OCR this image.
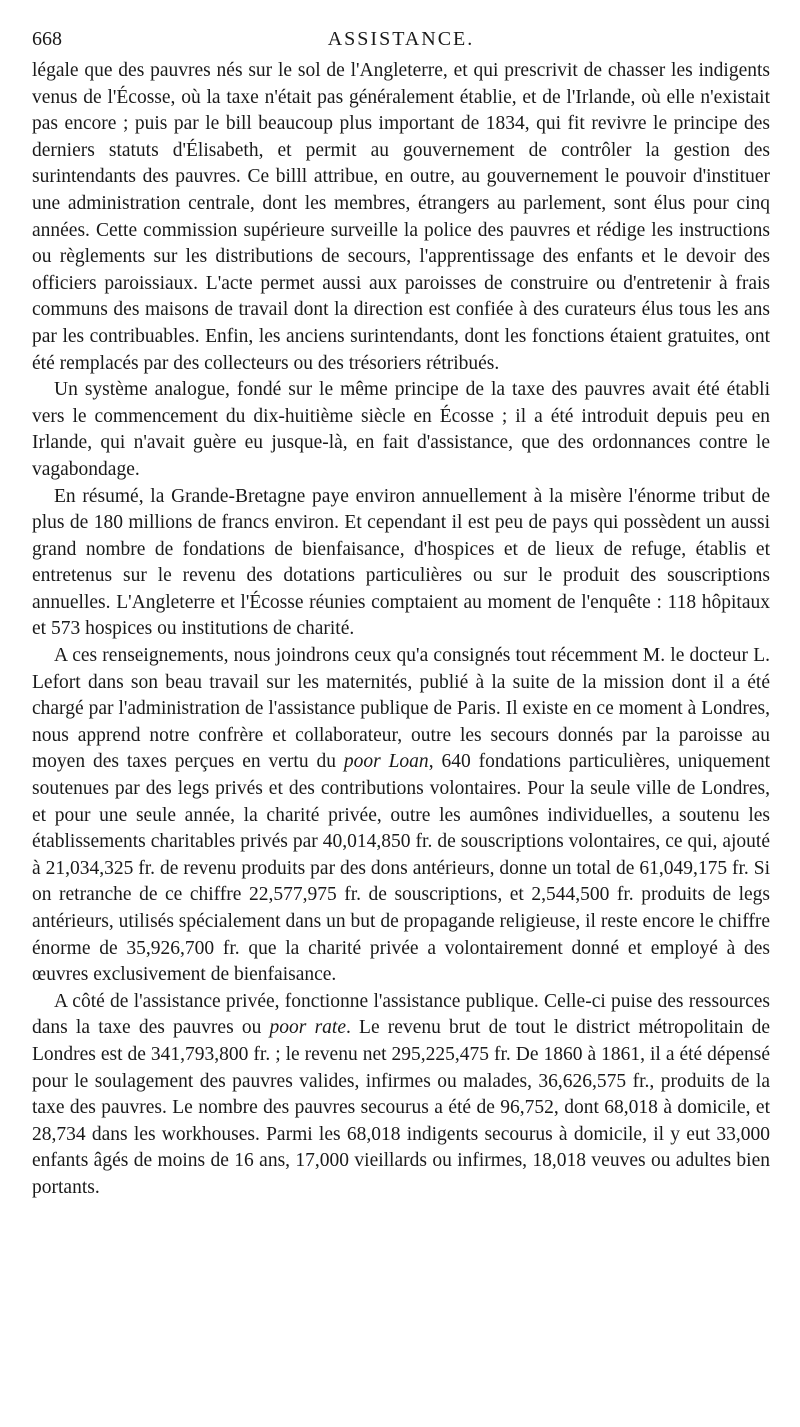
668	ASSISTANCE.

légale que des pauvres nés sur le sol de l'Angleterre, et qui prescrivit de chasser les indigents venus de l'Écosse, où la taxe n'était pas généralement établie, et de l'Irlande, où elle n'existait pas encore ; puis par le bill beaucoup plus important de 1834, qui fit revivre le principe des derniers statuts d'Élisabeth, et permit au gouvernement de contrôler la gestion des surintendants des pauvres. Ce billl attribue, en outre, au gouvernement le pouvoir d'instituer une administration centrale, dont les membres, étrangers au parlement, sont élus pour cinq années. Cette commission supérieure surveille la police des pauvres et rédige les instructions ou règlements sur les distributions de secours, l'apprentissage des enfants et le devoir des officiers paroissiaux. L'acte permet aussi aux paroisses de construire ou d'entretenir à frais communs des maisons de travail dont la direction est confiée à des curateurs élus tous les ans par les contribuables. Enfin, les anciens surintendants, dont les fonctions étaient gratuites, ont été remplacés par des collecteurs ou des trésoriers rétribués.

Un système analogue, fondé sur le même principe de la taxe des pauvres avait été établi vers le commencement du dix-huitième siècle en Écosse ; il a été introduit depuis peu en Irlande, qui n'avait guère eu jusque-là, en fait d'assistance, que des ordonnances contre le vagabondage.

En résumé, la Grande-Bretagne paye environ annuellement à la misère l'énorme tribut de plus de 180 millions de francs environ. Et cependant il est peu de pays qui possèdent un aussi grand nombre de fondations de bienfaisance, d'hospices et de lieux de refuge, établis et entretenus sur le revenu des dotations particulières ou sur le produit des souscriptions annuelles. L'Angleterre et l'Écosse réunies comptaient au moment de l'enquête : 118 hôpitaux et 573 hospices ou institutions de charité.

A ces renseignements, nous joindrons ceux qu'a consignés tout récemment M. le docteur L. Lefort dans son beau travail sur les maternités, publié à la suite de la mission dont il a été chargé par l'administration de l'assistance publique de Paris. Il existe en ce moment à Londres, nous apprend notre confrère et collaborateur, outre les secours donnés par la paroisse au moyen des taxes perçues en vertu du poor Loan, 640 fondations particulières, uniquement soutenues par des legs privés et des contributions volontaires. Pour la seule ville de Londres, et pour une seule année, la charité privée, outre les aumônes individuelles, a soutenu les établissements charitables privés par 40,014,850 fr. de souscriptions volontaires, ce qui, ajouté à 21,034,325 fr. de revenu produits par des dons antérieurs, donne un total de 61,049,175 fr. Si on retranche de ce chiffre 22,577,975 fr. de souscriptions, et 2,544,500 fr. produits de legs antérieurs, utilisés spécialement dans un but de propagande religieuse, il reste encore le chiffre énorme de 35,926,700 fr. que la charité privée a volontairement donné et employé à des œuvres exclusivement de bienfaisance.

A côté de l'assistance privée, fonctionne l'assistance publique. Celle-ci puise des ressources dans la taxe des pauvres ou poor rate. Le revenu brut de tout le district métropolitain de Londres est de 341,793,800 fr. ; le revenu net 295,225,475 fr. De 1860 à 1861, il a été dépensé pour le soulagement des pauvres valides, infirmes ou malades, 36,626,575 fr., produits de la taxe des pauvres. Le nombre des pauvres secourus a été de 96,752, dont 68,018 à domicile, et 28,734 dans les workhouses. Parmi les 68,018 indigents secourus à domicile, il y eut 33,000 enfants âgés de moins de 16 ans, 17,000 vieillards ou infirmes, 18,018 veuves ou adultes bien portants.
